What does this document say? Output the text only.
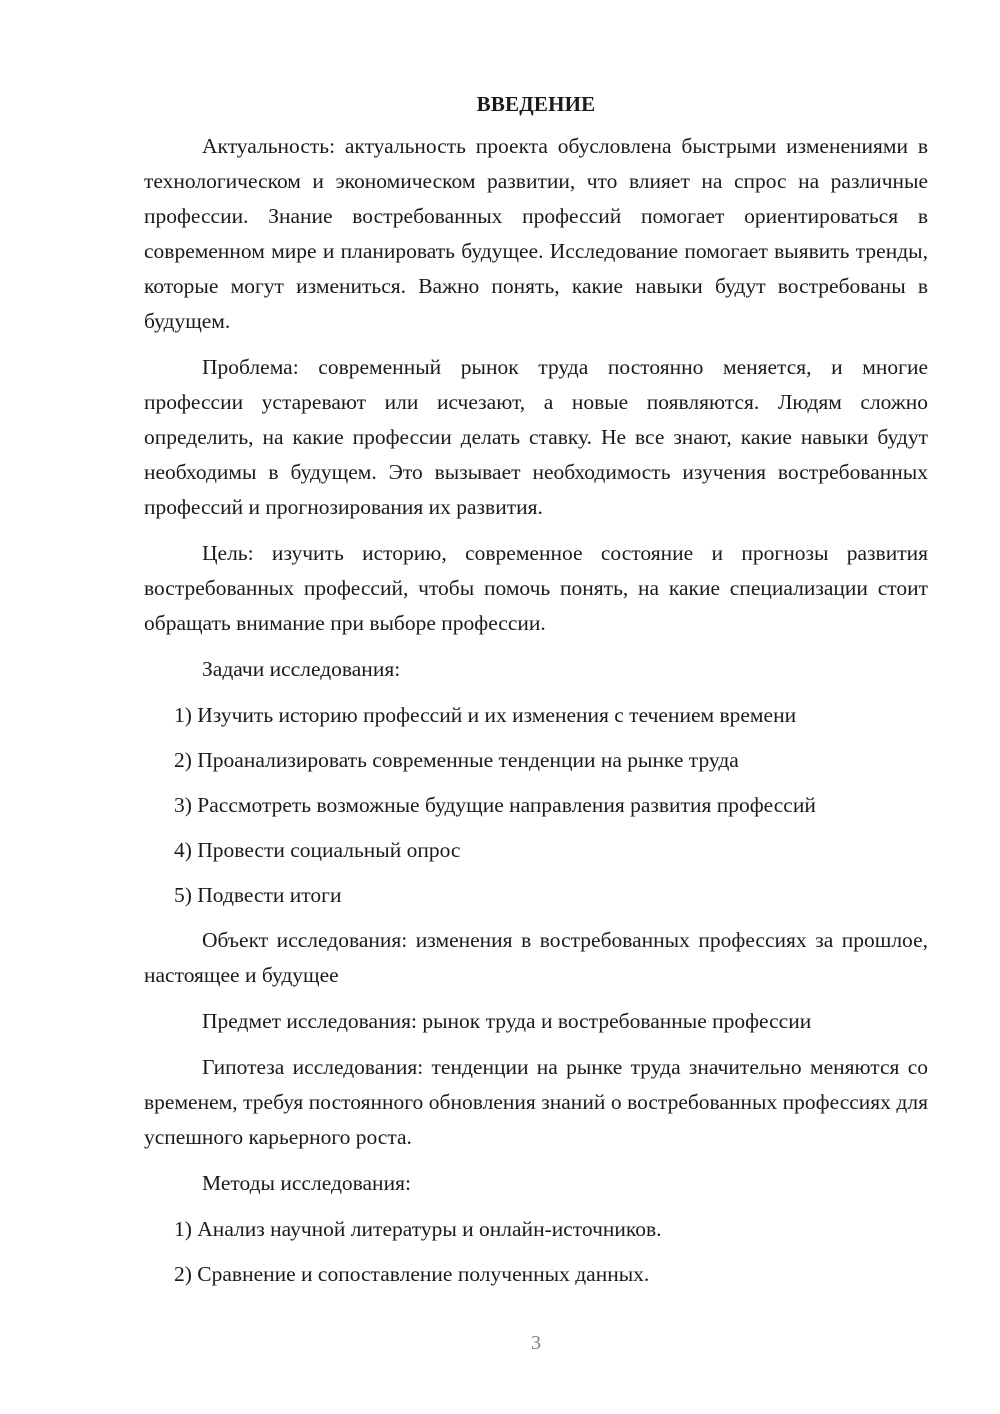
ВВЕДЕНИЕ

Актуальность: актуальность проекта обусловлена быстрыми изменениями в технологическом и экономическом развитии, что влияет на спрос на различные профессии. Знание востребованных профессий помогает ориентироваться в современном мире и планировать будущее. Исследование помогает выявить тренды, которые могут измениться. Важно понять, какие навыки будут востребованы в будущем.

Проблема: современный рынок труда постоянно меняется, и многие профессии устаревают или исчезают, а новые появляются. Людям сложно определить, на какие профессии делать ставку. Не все знают, какие навыки будут необходимы в будущем. Это вызывает необходимость изучения востребованных профессий и прогнозирования их развития.

Цель: изучить историю, современное состояние и прогнозы развития востребованных профессий, чтобы помочь понять, на какие специализации стоит обращать внимание при выборе профессии.

Задачи исследования:

1) Изучить историю профессий и их изменения с течением времени
2) Проанализировать современные тенденции на рынке труда
3) Рассмотреть возможные будущие направления развития профессий
4) Провести социальный опрос
5) Подвести итоги

Объект исследования: изменения в востребованных профессиях за прошлое, настоящее и будущее

Предмет исследования: рынок труда и востребованные профессии

Гипотеза исследования: тенденции на рынке труда значительно меняются со временем, требуя постоянного обновления знаний о востребованных профессиях для успешного карьерного роста.

Методы исследования:

1) Анализ научной литературы и онлайн-источников.
2) Сравнение и сопоставление полученных данных.
3
